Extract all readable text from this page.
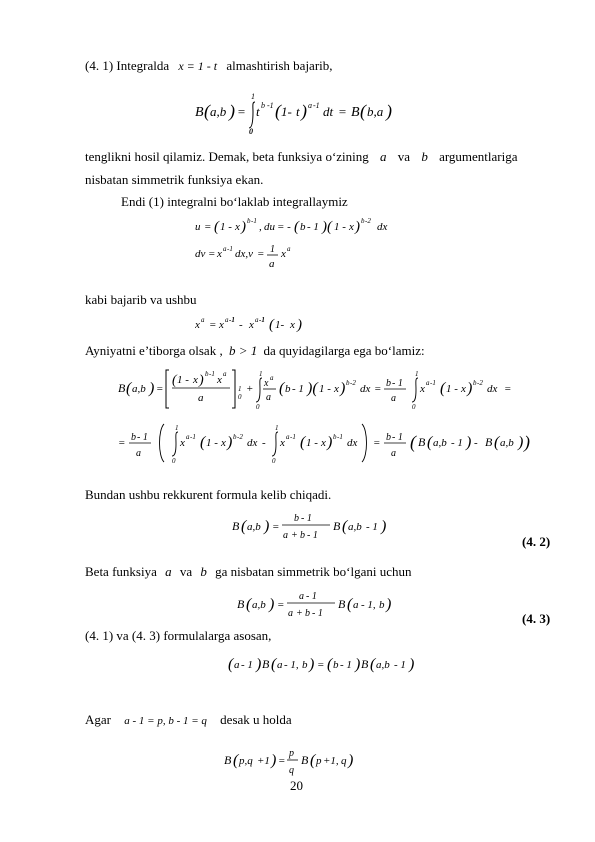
(4. 1) Integralda x = 1 - t almashtirish bajarib,
B ( a,b ) =
1
0
t b -1 ( 1- t ) a -1 dt = B ( b,a )
tenglikni hosil qilamiz. Demak, beta funksiya o‘zining a va b argumentlariga
nisbatan simmetrik funksiya ekan.
Endi (1) integralni bo‘laklab integrallaymiz
u = ( 1 - x ) b -1 , du = - ( b - 1 )( 1 - x ) b -2 dx
dv = x a -1 dx,v = 1
a
x a
kabi bajarib va ushbu
x a = x a -1 - x a -1 ( 1- x )
Ayniyatni e’tiborga olsak , b > 1 da quyidagilarga ega bo‘lamiz:
B ( a,b ) =
( 1 - x ) b -1 x a
a
1
0
+
1
0
x a
a
( b - 1 )( 1 - x ) b -2 dx = b - 1
a
1
0
x a -1 ( 1 - x ) b -2 dx =
= b - 1
a
1
0
x a -1 ( 1 - x ) b -2 dx -
1
0
x a -1 ( 1 - x ) b -1 dx = b - 1
a
( B ( a,b - 1 ) - B ( a,b ) )
Bundan ushbu rekkurent formula kelib chiqadi.
B ( a,b ) =
b - 1
a + b - 1
B ( a,b - 1 )
(4. 2)
Beta funksiya a va b ga nisbatan simmetrik bo‘lgani uchun
B ( a,b ) =
a - 1
a + b - 1
B ( a - 1, b )
(4. 3)
(4. 1) va (4. 3) formulalarga asosan,
( a - 1 ) B ( a - 1, b ) = ( b - 1 ) B ( a,b - 1 )
Agar a - 1 = p, b - 1 = q desak u holda
B ( p,q +1 ) =
p
q
B ( p +1, q )
20
